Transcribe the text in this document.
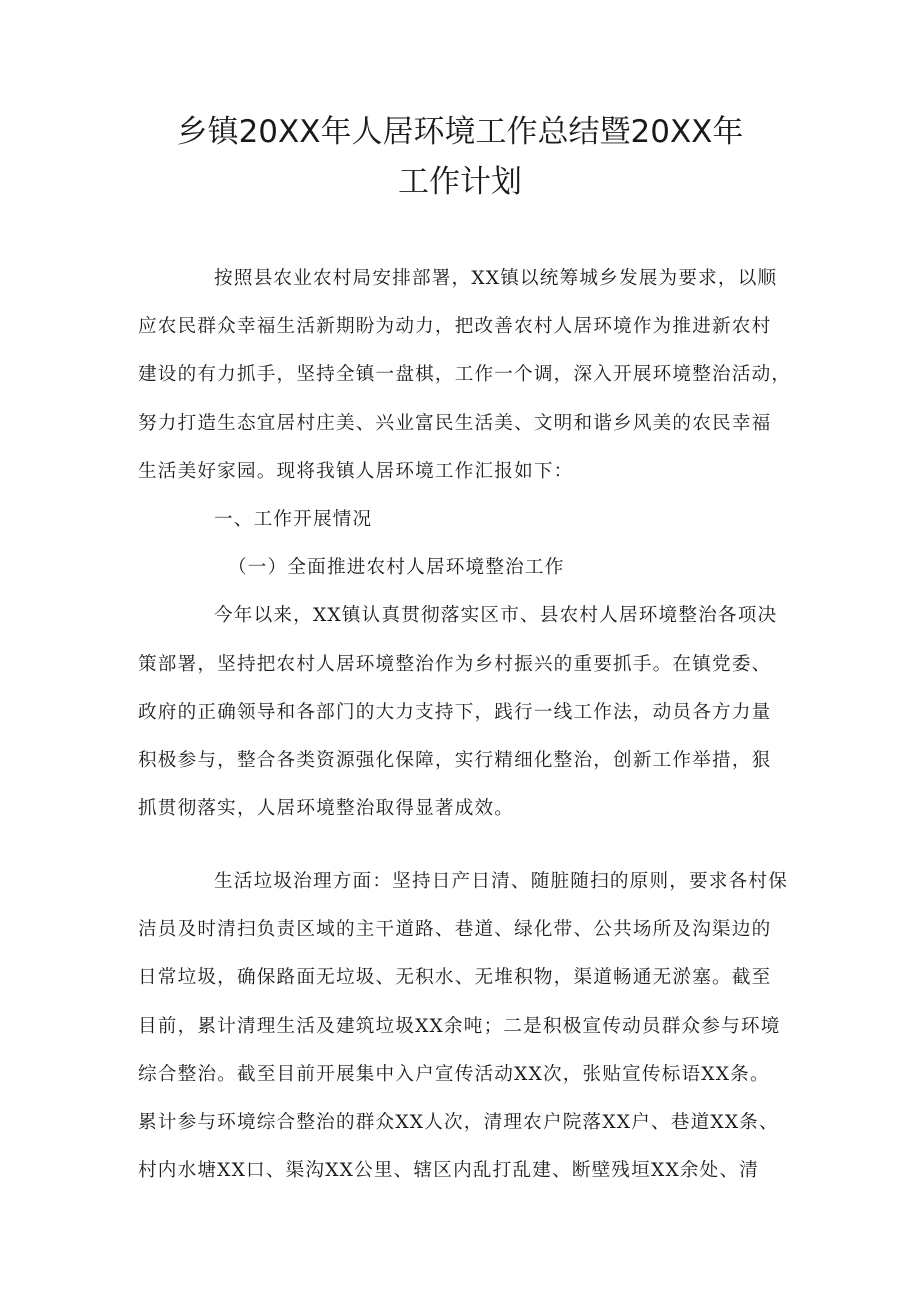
乡镇20XX年人居环境工作总结暨20XX年
工作计划
按照县农业农村局安排部署，XX镇以统筹城乡发展为要求，以顺
应农民群众幸福生活新期盼为动力，把改善农村人居环境作为推进新农村
建设的有力抓手，坚持全镇一盘棋，工作一个调，深入开展环境整治活动，
努力打造生态宜居村庄美、兴业富民生活美、文明和谐乡风美的农民幸福
生活美好家园。现将我镇人居环境工作汇报如下：
一、工作开展情况
（一）全面推进农村人居环境整治工作
今年以来，XX镇认真贯彻落实区市、县农村人居环境整治各项决
策部署，坚持把农村人居环境整治作为乡村振兴的重要抓手。在镇党委、
政府的正确领导和各部门的大力支持下，践行一线工作法，动员各方力量
积极参与，整合各类资源强化保障，实行精细化整治，创新工作举措，狠
抓贯彻落实，人居环境整治取得显著成效。
生活垃圾治理方面：坚持日产日清、随脏随扫的原则，要求各村保
洁员及时清扫负责区域的主干道路、巷道、绿化带、公共场所及沟渠边的
日常垃圾，确保路面无垃圾、无积水、无堆积物，渠道畅通无淤塞。截至
目前，累计清理生活及建筑垃圾XX余吨；二是积极宣传动员群众参与环境
综合整治。截至目前开展集中入户宣传活动XX次，张贴宣传标语XX条。
累计参与环境综合整治的群众XX人次，清理农户院落XX户、巷道XX条、
村内水塘XX口、渠沟XX公里、辖区内乱打乱建、断壁残垣XX余处、清
